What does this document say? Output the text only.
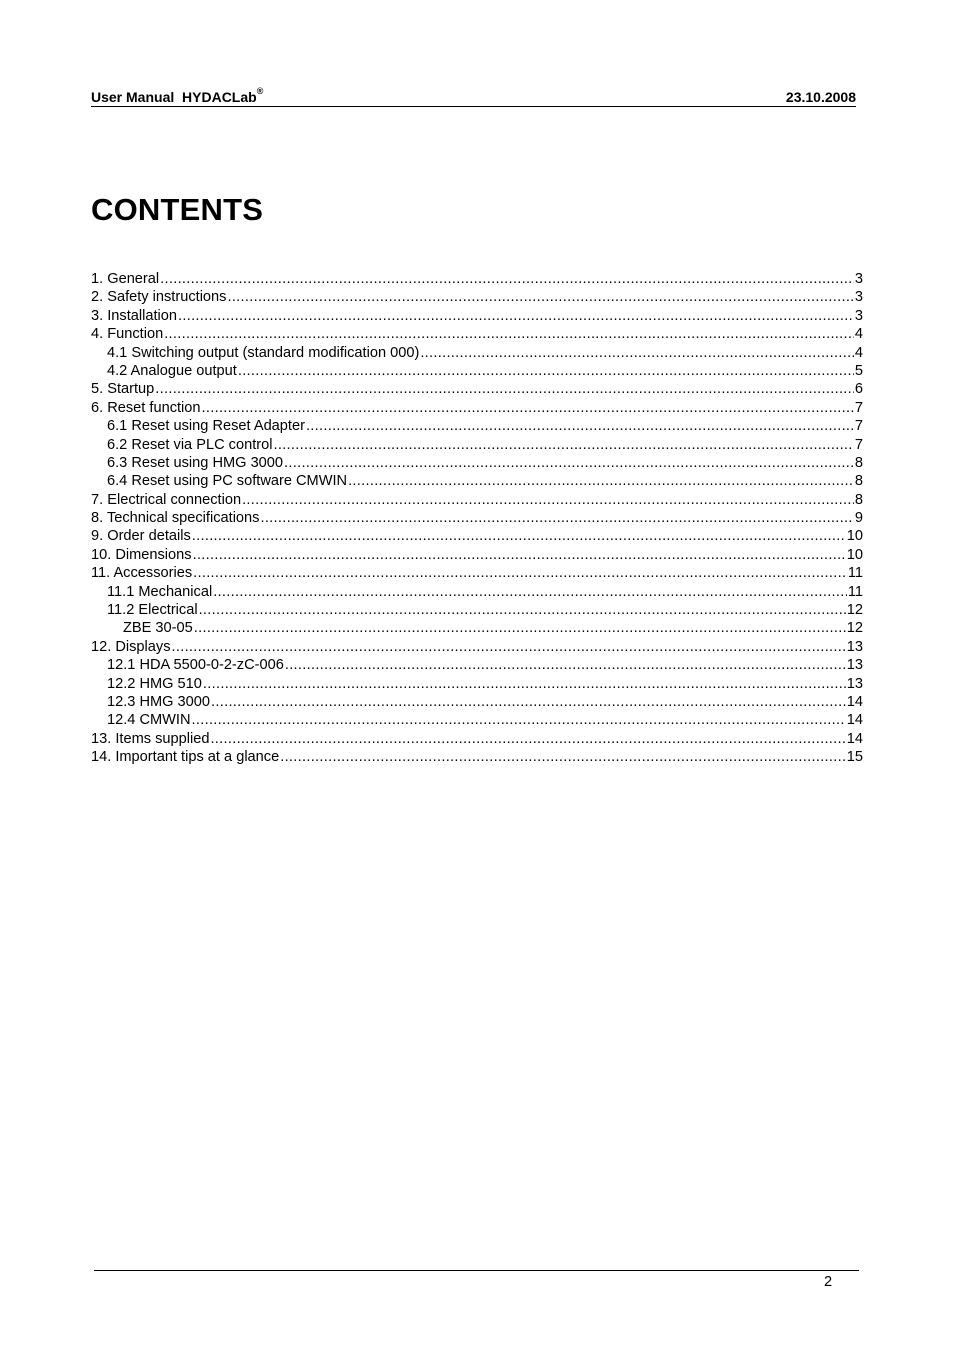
User Manual  HYDACLab®	23.10.2008
CONTENTS
1. General .....	3
2. Safety instructions .....	3
3. Installation .....	3
4. Function .....	4
4.1 Switching output (standard modification 000) .....	4
4.2 Analogue output .....	5
5. Startup .....	6
6. Reset function .....	7
6.1 Reset using Reset Adapter .....	7
6.2 Reset via PLC control .....	7
6.3 Reset using HMG 3000 .....	8
6.4 Reset using PC software CMWIN .....	8
7. Electrical connection .....	8
8. Technical specifications .....	9
9. Order details .....	10
10. Dimensions .....	10
11. Accessories .....	11
11.1 Mechanical .....	11
11.2 Electrical .....	12
ZBE 30-05 .....	12
12. Displays .....	13
12.1 HDA 5500-0-2-zC-006 .....	13
12.2 HMG 510 .....	13
12.3 HMG 3000 .....	14
12.4 CMWIN .....	14
13. Items supplied .....	14
14. Important tips at a glance .....	15
2
